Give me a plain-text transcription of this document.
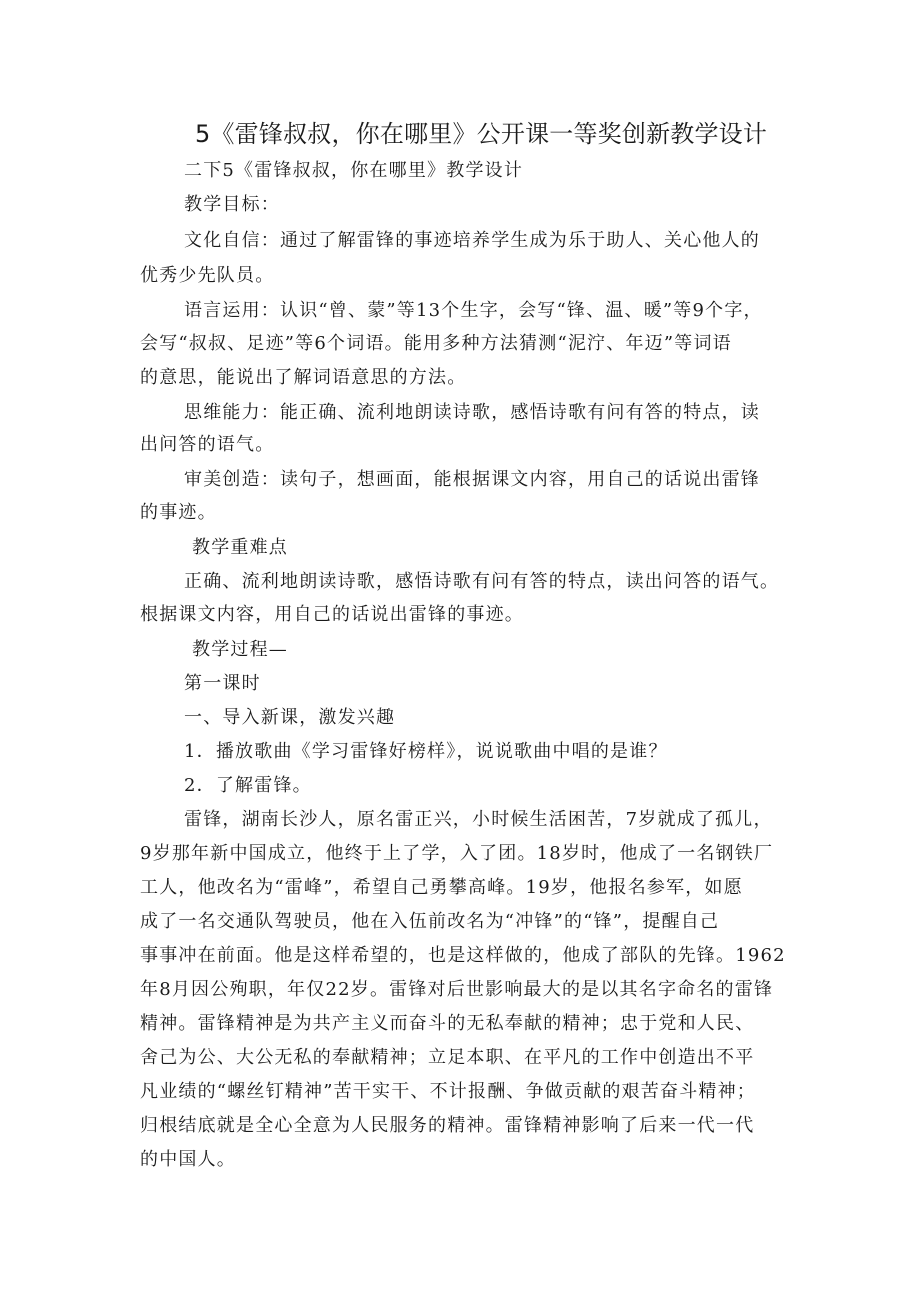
5《雷锋叔叔，你在哪里》公开课一等奖创新教学设计
二下5《雷锋叔叔，你在哪里》教学设计
教学目标：
文化自信：通过了解雷锋的事迹培养学生成为乐于助人、关心他人的
优秀少先队员。
语言运用：认识“曾、蒙”等13个生字，会写“锋、温、暖”等9个字，
会写“叔叔、足迹”等6个词语。能用多种方法猜测“泥泞、年迈”等词语
的意思，能说出了解词语意思的方法。
思维能力：能正确、流利地朗读诗歌，感悟诗歌有问有答的特点，读
出问答的语气。
审美创造：读句子，想画面，能根据课文内容，用自己的话说出雷锋
的事迹。
教学重难点
正确、流利地朗读诗歌，感悟诗歌有问有答的特点，读出问答的语气。
根据课文内容，用自己的话说出雷锋的事迹。
教学过程—
第一课时
一、导入新课，激发兴趣
1．播放歌曲《学习雷锋好榜样》，说说歌曲中唱的是谁？
2．了解雷锋。
雷锋，湖南长沙人，原名雷正兴，小时候生活困苦，7岁就成了孤儿，
9岁那年新中国成立，他终于上了学，入了团。18岁时，他成了一名钢铁厂
工人，他改名为“雷峰”，希望自己勇攀高峰。19岁，他报名参军，如愿
成了一名交通队驾驶员，他在入伍前改名为“冲锋”的“锋”，提醒自己
事事冲在前面。他是这样希望的，也是这样做的，他成了部队的先锋。1962
年8月因公殉职，年仅22岁。雷锋对后世影响最大的是以其名字命名的雷锋
精神。雷锋精神是为共产主义而奋斗的无私奉献的精神；忠于党和人民、
舍己为公、大公无私的奉献精神；立足本职、在平凡的工作中创造出不平
凡业绩的“螺丝钉精神”苦干实干、不计报酬、争做贡献的艰苦奋斗精神；
归根结底就是全心全意为人民服务的精神。雷锋精神影响了后来一代一代
的中国人。
